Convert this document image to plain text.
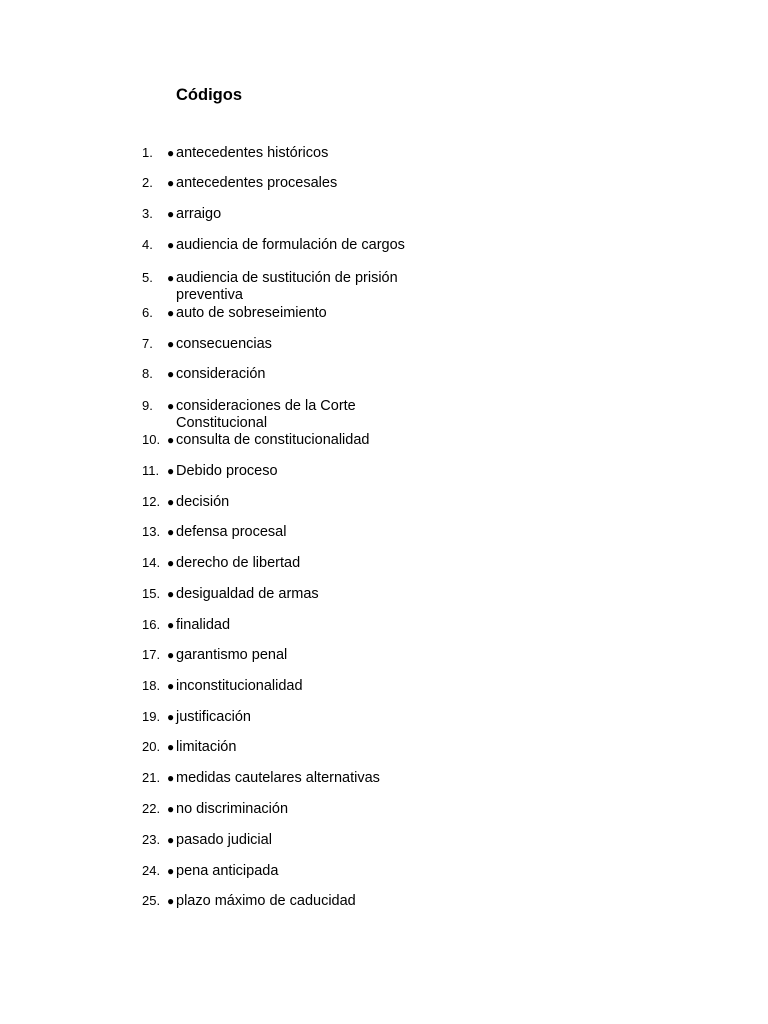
Códigos
1. ● antecedentes históricos
2. ● antecedentes procesales
3. ● arraigo
4. ● audiencia de formulación de cargos
5. ● audiencia de sustitución de prisión preventiva
6. ● auto de sobreseimiento
7. ● consecuencias
8. ● consideración
9. ● consideraciones de la Corte Constitucional
10. ● consulta de constitucionalidad
11. ● Debido proceso
12. ● decisión
13. ● defensa procesal
14. ● derecho de libertad
15. ● desigualdad de armas
16. ● finalidad
17. ● garantismo penal
18. ● inconstitucionalidad
19. ● justificación
20. ● limitación
21. ● medidas cautelares alternativas
22. ● no discriminación
23. ● pasado judicial
24. ● pena anticipada
25. ● plazo máximo de caducidad
